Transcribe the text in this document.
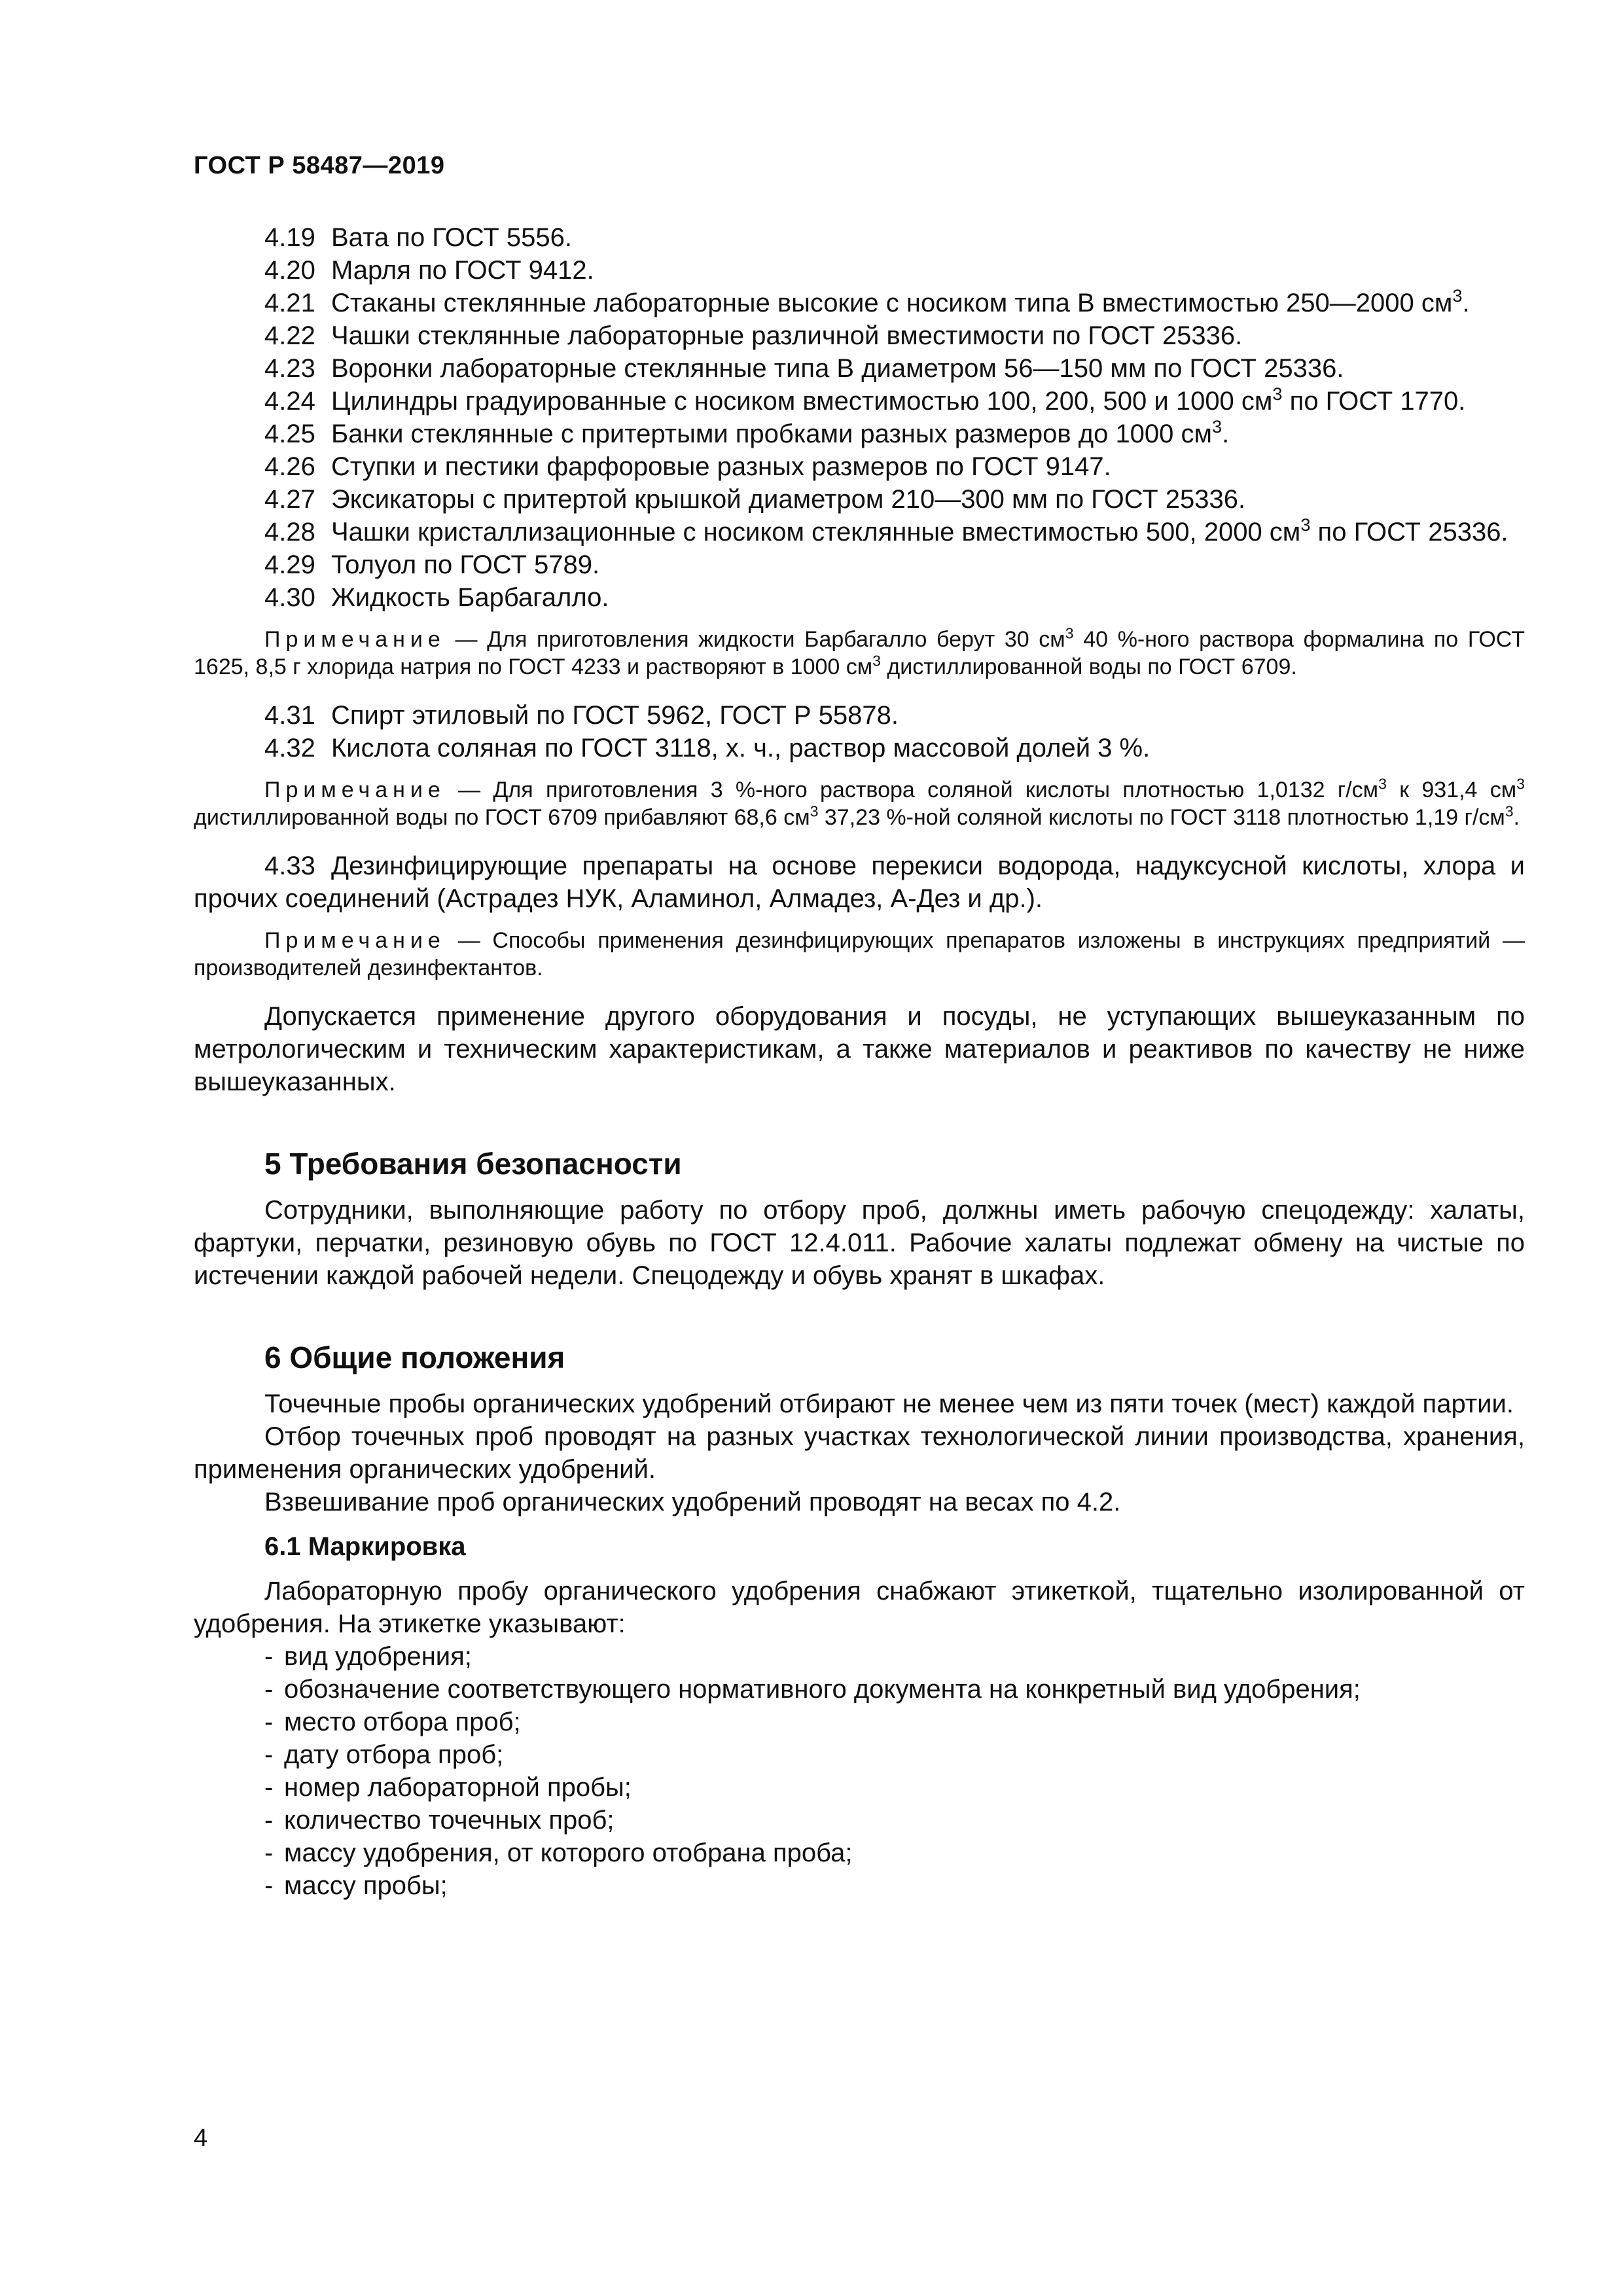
ГОСТ Р 58487—2019

4.19 Вата по ГОСТ 5556.

4.20 Марля по ГОСТ 9412.

4.21 Стаканы стеклянные лабораторные высокие с носиком типа В вместимостью 250—2000 $см^3$.

4.22 Чашки стеклянные лабораторные различной вместимости по ГОСТ 25336.

4.23 Воронки лабораторные стеклянные типа В диаметром 56—150 мм по ГОСТ 25336.

4.24 Цилиндры градуированные с носиком вместимостью 100, 200, 500 и 1000 $см^3$ по ГОСТ 1770.

4.25 Банки стеклянные с притертыми пробками разных размеров до 1000 $см^3$.

4.26 Ступки и пестики фарфоровые разных размеров по ГОСТ 9147.

4.27 Эксикаторы с притертой крышкой диаметром 210—300 мм по ГОСТ 25336.

4.28 Чашки кристаллизационные с носиком стеклянные вместимостью 500, 2000 $см^3$ по ГОСТ 25336.

4.29 Толуол по ГОСТ 5789.

4.30 Жидкость Барбагалло.

Примечание — Для приготовления жидкости Барбагалло берут 30 $см^3$ 40 %-ного раствора формалина по ГОСТ 1625, 8,5 г хлорида натрия по ГОСТ 4233 и растворяют в 1000 $см^3$ дистиллированной воды по ГОСТ 6709.

4.31 Спирт этиловый по ГОСТ 5962, ГОСТ Р 55878.

4.32 Кислота соляная по ГОСТ 3118, х. ч., раствор массовой долей 3 %.

Примечание — Для приготовления 3 %-ного раствора соляной кислоты плотностью 1,0132 $г/см^3$ к 931,4 $см^3$ дистиллированной воды по ГОСТ 6709 прибавляют 68,6 $см^3$ 37,23 %-ной соляной кислоты по ГОСТ 3118 плотностью 1,19 $г/см^3$.

4.33 Дезинфицирующие препараты на основе перекиси водорода, надуксусной кислоты, хлора и прочих соединений (Астрадез НУК, Аламинол, Алмадез, А-Дез и др.).

Примечание — Способы применения дезинфицирующих препаратов изложены в инструкциях предприятий — производителей дезинфектантов.

Допускается применение другого оборудования и посуды, не уступающих вышеуказанным по метрологическим и техническим характеристикам, а также материалов и реактивов по качеству не ниже вышеуказанных.

5 Требования безопасности

Сотрудники, выполняющие работу по отбору проб, должны иметь рабочую спецодежду: халаты, фартуки, перчатки, резиновую обувь по ГОСТ 12.4.011. Рабочие халаты подлежат обмену на чистые по истечении каждой рабочей недели. Спецодежду и обувь хранят в шкафах.

6 Общие положения

Точечные пробы органических удобрений отбирают не менее чем из пяти точек (мест) каждой партии.

Отбор точечных проб проводят на разных участках технологической линии производства, хранения, применения органических удобрений.

Взвешивание проб органических удобрений проводят на весах по 4.2.

6.1 Маркировка

Лабораторную пробу органического удобрения снабжают этикеткой, тщательно изолированной от удобрения. На этикетке указывают:

- вид удобрения;

- обозначение соответствующего нормативного документа на конкретный вид удобрения;

- место отбора проб;

- дату отбора проб;

- номер лабораторной пробы;

- количество точечных проб;

- массу удобрения, от которого отобрана проба;

- массу пробы;

4
